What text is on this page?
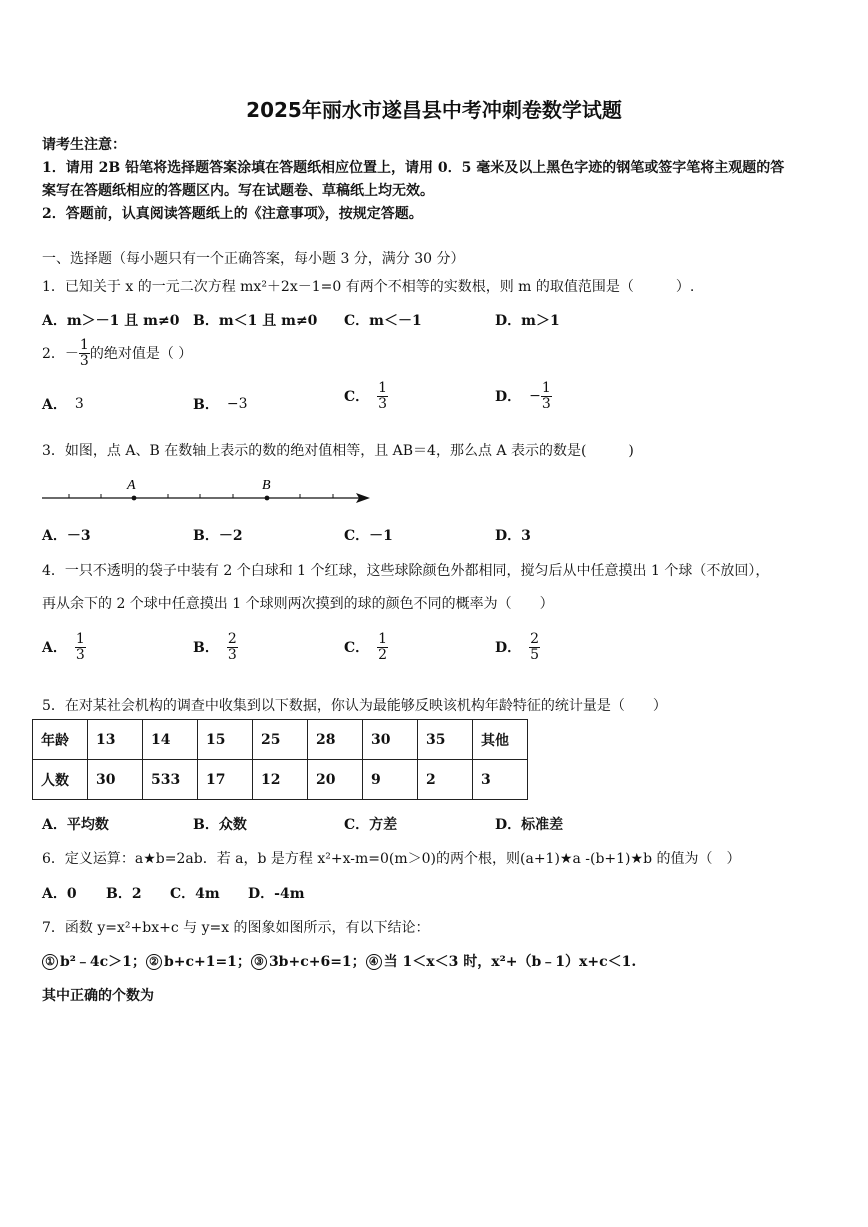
2025年丽水市遂昌县中考冲刺卷数学试题
请考生注意：
1．请用 2B 铅笔将选择题答案涂填在答题纸相应位置上，请用 0．5 毫米及以上黑色字迹的钢笔或签字笔将主观题的答
案写在答题纸相应的答题区内。写在试题卷、草稿纸上均无效。
2．答题前，认真阅读答题纸上的《注意事项》，按规定答题。
一、选择题（每小题只有一个正确答案，每小题 3 分，满分 30 分）
1．已知关于 x 的一元二次方程 mx²＋2x－1=0 有两个不相等的实数根，则 m 的取值范围是（　　　）.
A．m＞－1 且 m≠0 B．m＜1 且 m≠0 C．m＜－1	D．m＞1
2． － $\frac{1}{3}$ 的绝对值是（ ）
A． 3	B． −3	C． $\frac{1}{3}$	D． − $\frac{1}{3}$
3．如图，点 A、B 在数轴上表示的数的绝对值相等，且 AB＝4，那么点 A 表示的数是(　　　)
A	B
A．－3	B．－2	C．－1	D．3
4．一只不透明的袋子中装有 2 个白球和 1 个红球，这些球除颜色外都相同，搅匀后从中任意摸出 1 个球（不放回），
再从余下的 2 个球中任意摸出 1 个球则两次摸到的球的颜色不同的概率为（　　）
A． $\frac{1}{3}$	B． $\frac{2}{3}$	C． $\frac{1}{2}$	D． $\frac{2}{5}$
5．在对某社会机构的调查中收集到以下数据，你认为最能够反映该机构年龄特征的统计量是（　　）
年龄	13	14	15	25	28	30	35	其他
人数	30	533	17	12	20	9	2	3
A．平均数	B．众数	C．方差	D．标准差
6．定义运算：a★b=2ab．若 a，b 是方程 x²+x-m=0(m＞0)的两个根，则(a+1)★a -(b+1)★b 的值为（　）
A．0 B．2 C．4m D．-4m
7．函数 y=x²+bx+c 与 y=x 的图象如图所示，有以下结论：
① b²﹣4c＞1； ② b+c+1=1； ③ 3b+c+6=1； ④ 当 1＜x＜3 时，x²+（b﹣1）x+c＜1.
其中正确的个数为
